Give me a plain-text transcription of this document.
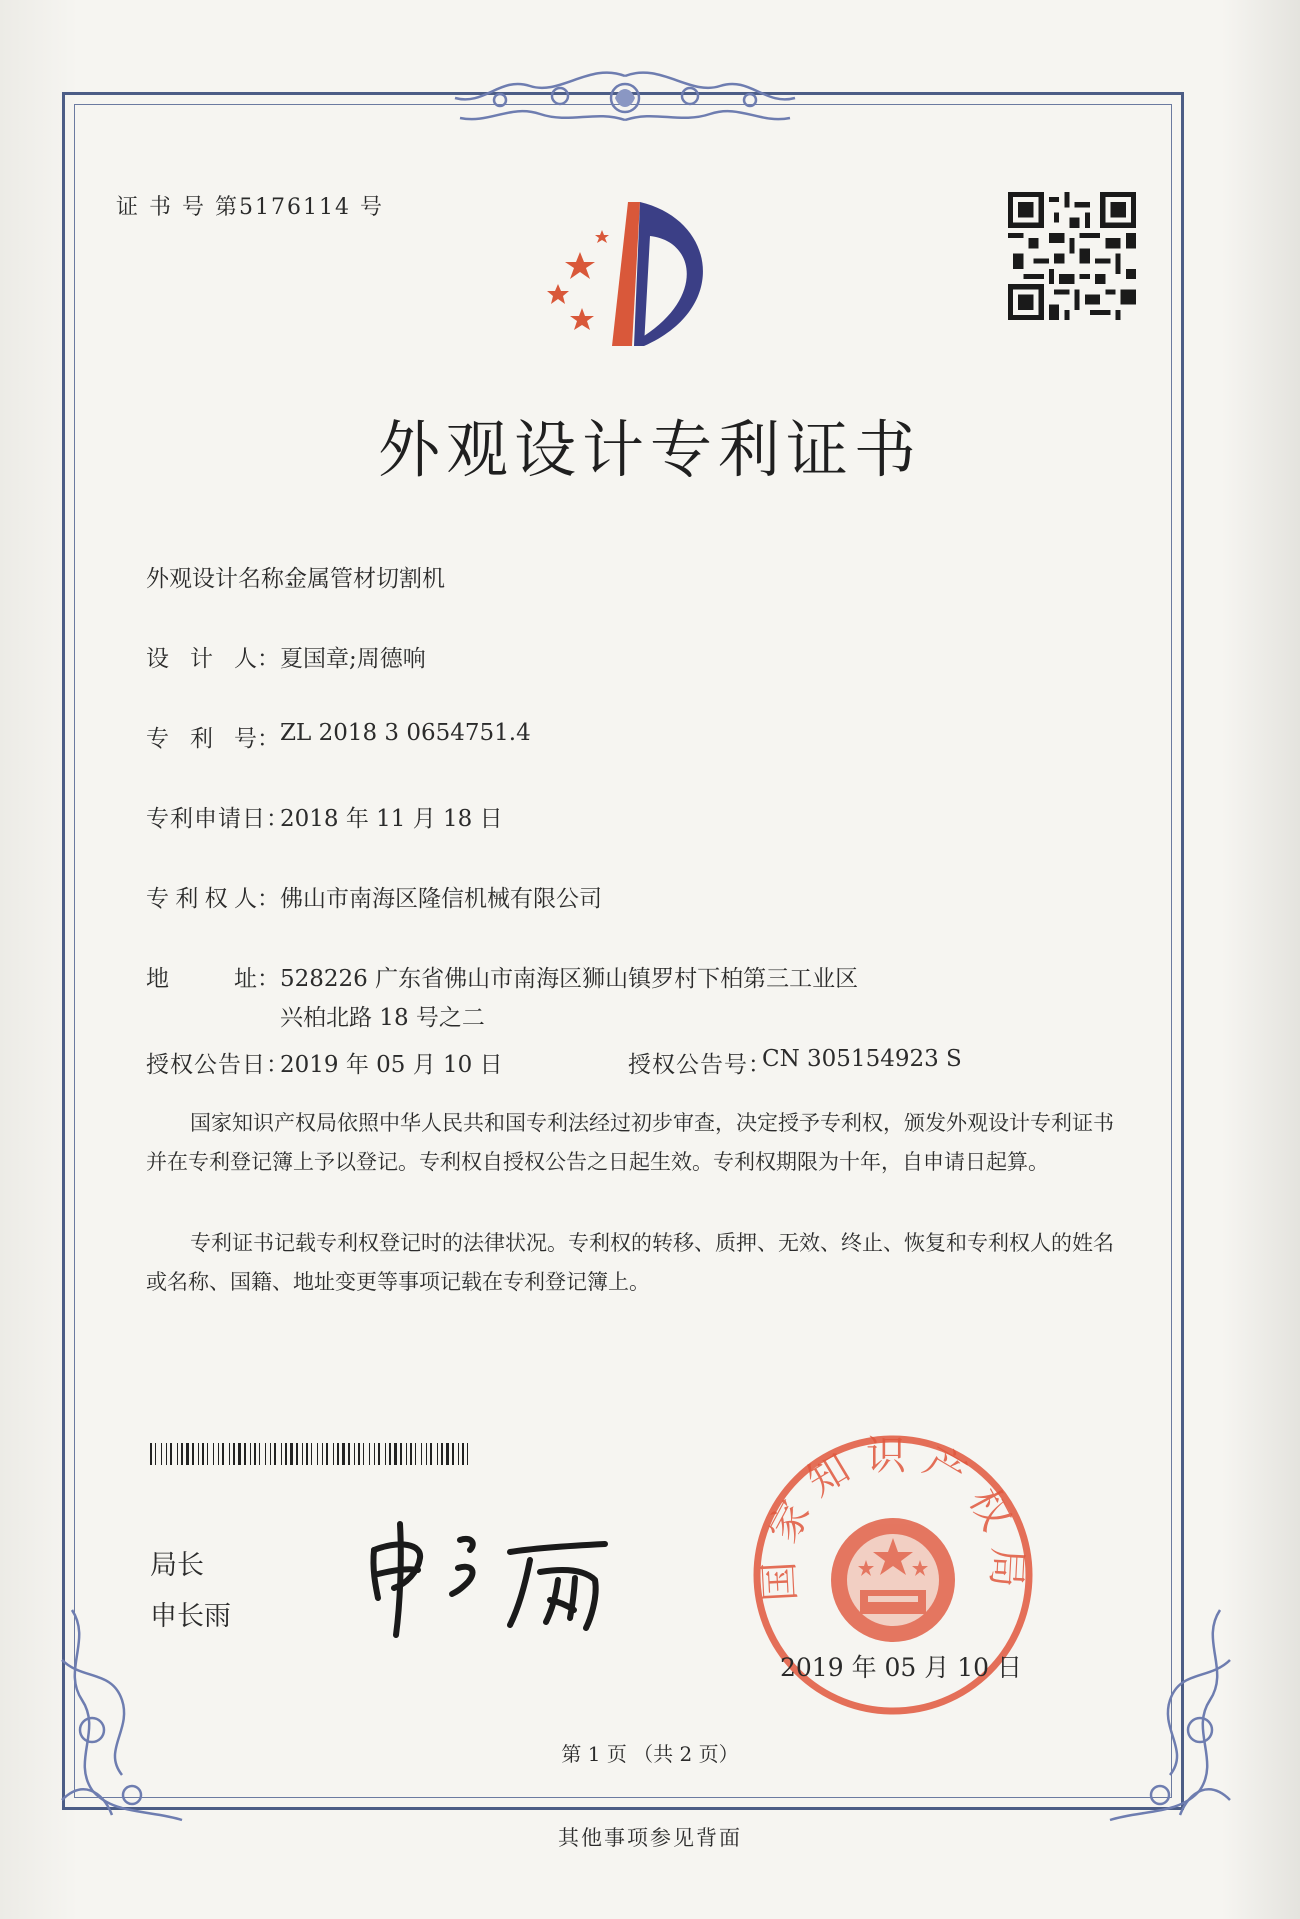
证 书 号 第5176114 号
外观设计专利证书
外观设计名称：
金属管材切割机
设 计 人： 夏国章;周德响
专 利 号： ZL 2018 3 0654751.4
专利申请日：
2018 年 11 月 18 日
专 利 权 人： 佛山市南海区隆信机械有限公司
地	址： 528226 广东省佛山市南海区狮山镇罗村下柏第三工业区
兴柏北路 18 号之二
授权公告日：
2019 年 05 月 10 日	授权公告号：
CN 305154923 S
国家知识产权局依照中华人民共和国专利法经过初步审查，决定授予专利权，颁发外观设计专利证书并在专利登记簿上予以登记。专利权自授权公告之日起生效。专利权期限为十年，自申请日起算。
专利证书记载专利权登记时的法律状况。专利权的转移、质押、无效、终止、恢复和专利权人的姓名或名称、国籍、地址变更等事项记载在专利登记簿上。
局长
申长雨
国家知识产权局
2019 年 05 月 10 日
第 1 页 （共 2 页）
其他事项参见背面
